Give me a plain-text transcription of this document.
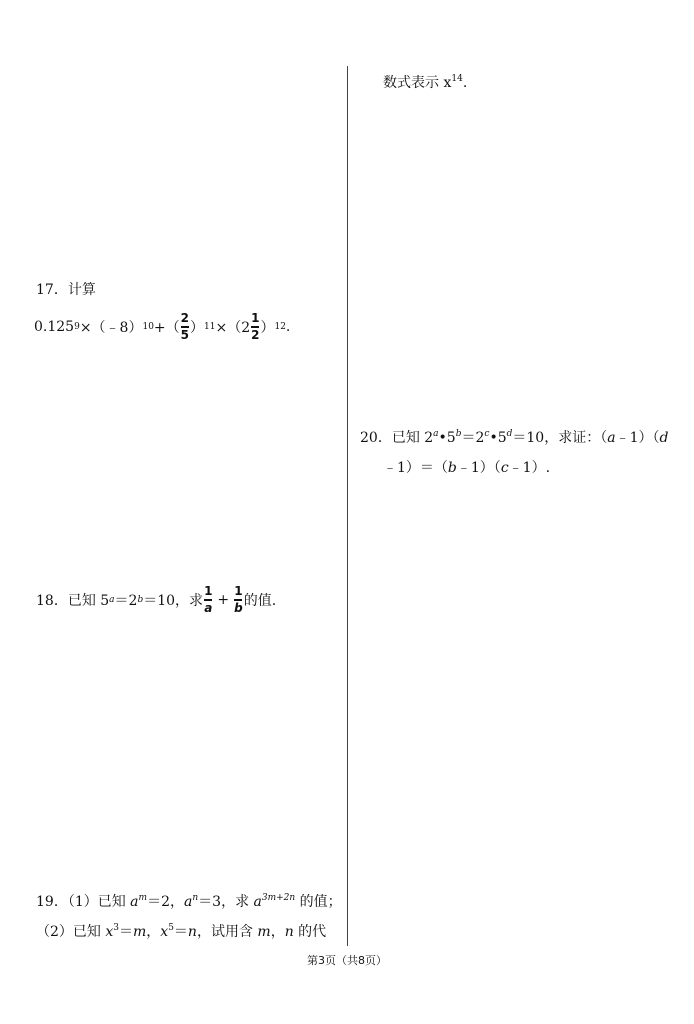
数式表示 $x^{14}$.
17．计算
0.125 9 ×（﹣8） 10 +（ $\frac{2}{5}$ ） $11 \times(2 \frac{1}{2}$ ） 12 .
18．已知 5 a ＝2 b ＝10，求 $\frac{1}{a} + \frac{1}{b}$ 的值.
19．（1）已知 $a^m=2$，$a^n=3$，求 $a^{3m+2n}$ 的值；
（2）已知 $x^3=m$，$x^5=n$，试用含 m，n 的代
20．已知 $2^a•5^b=2^c•5^d=10$，求证：（a﹣1）（d
﹣1）＝（b﹣1）（c﹣1）.
第3页（共8页）
